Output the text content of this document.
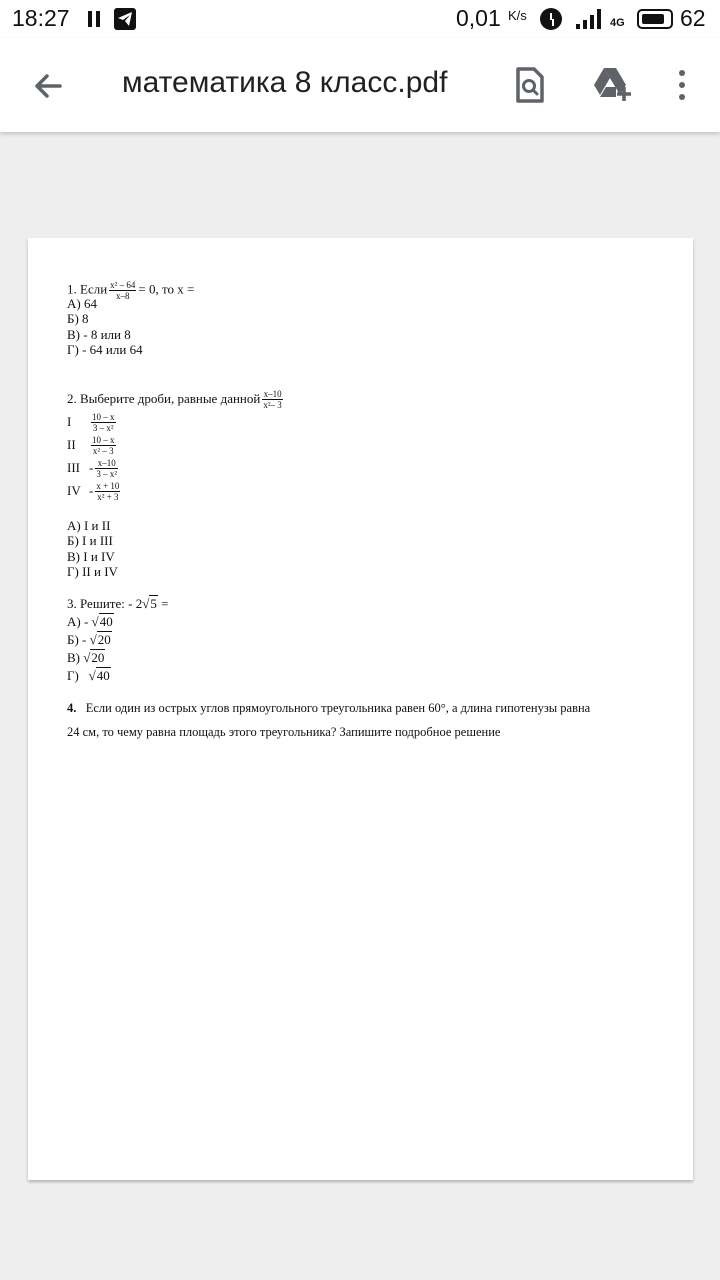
18:27	0,01 K/s	4G 62
математика 8 класс.pdf
1. Если $\frac{\text{x² – 64}}{x-8} = 0$, то x =
А) 64
Б) 8
В) - 8 или 8
Г) - 64 или 64
2. Выберите дроби, равные данной $\frac{x-10}{\text{x²– 3}}$
I $\frac{10 - x}{\text{3 – x²}}$
II $\frac{10 - x}{\text{x² – 3}}$
III - $\frac{x-10}{\text{3 – x²}}$
IV - $\frac{x + 10}{\text{x² + 3}}$
А) I и II
Б) I и III
В) I и IV
Г) II и IV
3. Решите: - 2√5 =
А) - √40
Б) - √20
В) √20
Г) √40
4. Если один из острых углов прямоугольного треугольника равен 60°, а длина гипотенузы равна
24 см, то чему равна площадь этого треугольника? Запишите подробное решение
